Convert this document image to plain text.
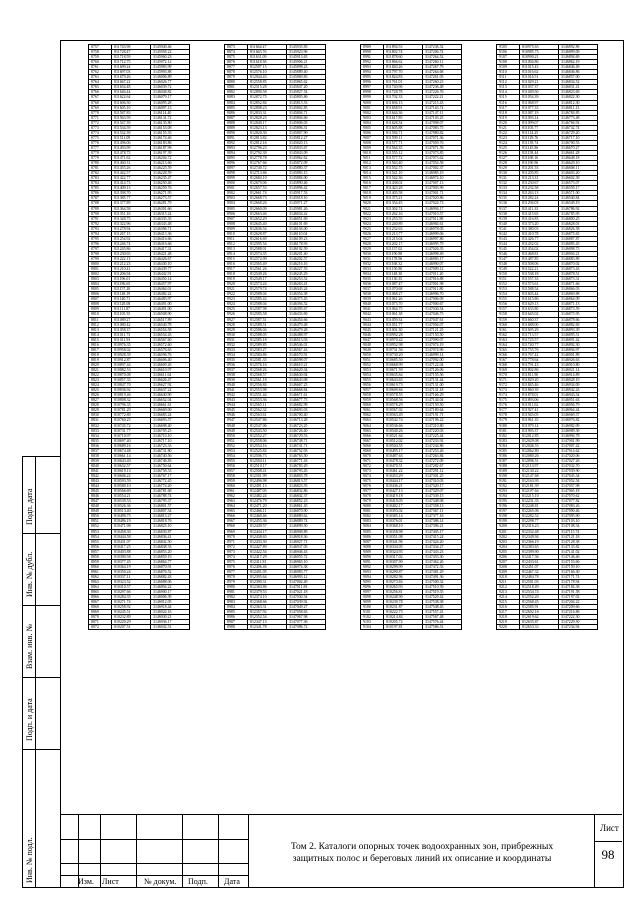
Подп. дата
Инв. № дубл.
Взам. инв. №
Подп. и дата
Инв. № подл.
8757	811743.98	3145940.46
8758	811728.47	3145958.22
8759	811718.59	3145960.23
8760	811712.75	3145972.12
8761	811699.24	3145983.99
8762	811697.03	3145993.88
8763	811679.26	3146006.89
8764	811667.22	3146026.77
8765	811654.48	3146039.72
8766	811646.44	3146048.82
8767	811622.64	3146079.17
8768	811606.50	3146095.28
8769	811605.10	3146097.13
8770	811587.83	3146114.40
8771	811563.59	3146131.72
8772	811547.39	3146135.80
8773	811534.59	3146153.08
8774	811532.39	3146155.35
8775	811511.09	3146174.46
8776	811496.06	3146183.86
8777	811493.99	3146187.99
8778	811478.75	3146197.39
8779	811471.62	3146204.72
8780	811460.31	3146213.66
8781	811455.26	3146225.59
8782	811442.57	3146228.59
8783	811422.77	3146235.47
8784	811414.73	3146250.46
8785	811409.13	3146259.76
8786	811398.70	3146271.95
8787	811385.77	3146273.57
8788	811377.89	3146281.79
8789	811364.58	3146301.66
8790	811351.16	3146315.24
8791	811328.75	3146335.35
8792	811322.96	3146343.48
8793	811278.94	3146396.71
8794	811267.15	3146413.36
8795	811254.92	3146416.66
8796	811246.74	3146416.66
8797	811245.86	3146417.31
8798	811230.65	3146421.48
8799	811222.13	3146426.67
8800	811212.23	3146430.10
8801	811210.41	3146439.77
8802	811206.94	3146442.91
8803	811196.01	3146450.14
8804	811186.65	3146457.97
8805	811157.20	3146464.01
8806	811148.19	3146482.22
8807	811140.71	3146483.97
8808	811128.08	3146491.00
8809	811111.87	3146491.00
8810	811105.55	3146508.90
8811	811089.27	3146517.89
8812	811080.42	3146540.78
8813	811058.37	3146554.58
8814	811011.73	3146554.43
8815	811011.93	3146567.60
8816	810976.35	3146572.60
8817	810958.02	3146576.65
8818	810928.39	3146596.76
8819	810912.87	3146606.40
8820	810897.44	3146609.26
8821	810882.53	3146610.97
8822	810870.08	3146611.64
8823	810857.35	3146626.47
8824	810847.70	3146627.92
8825	810836.92	3146637.22
8826	810819.46	3146640.90
8827	810808.32	3146652.04
8828	810796.35	3146661.61
8829	810781.29	3146669.00
8830	810772.80	3146683.24
8831	810760.25	3146693.57
8832	810745.72	3146698.40
8833	810731.77	3146705.25
8834	810710.97	3146710.10
8835	810697.40	3146717.10
8836	810689.16	3146723.33
8837	810674.48	3146731.80
8838	810661.14	3146740.56
8839	810643.40	3146746.83
8840	810632.57	3146750.64
8841	810619.13	3146758.53
8842	810606.22	3146767.17
8843	810593.59	3146772.45
8844	810580.10	3146774.20
8845	810566.69	3146781.68
8846	810554.21	3146788.74
8847	810539.53	3146795.37
8848	810526.36	3146801.57
8849	810513.40	3146807.54
8850	810499.75	3146813.27
8851	810486.19	3146818.76
8852	810471.98	3146825.10
8853	810458.30	3146830.87
8854	810444.58	3146836.41
8855	810431.07	3146842.50
8856	810417.25	3146848.33
8857	810403.88	3146853.20
8858	810390.58	3146859.19
8859	810377.45	3146864.77
8860	810364.19	3146870.91
8861	810350.24	3146876.52
8862	810337.11	3146882.43
8863	810323.52	3146888.06
8864	810310.57	3146894.22
8865	810297.66	3146900.17
8866	810284.35	3146906.39
8867	810271.74	3146912.05
8868	810258.92	3146918.44
8869	810245.51	3146924.16
8870	810232.89	3146930.21
8871	810220.29	3146936.17
8872	810207.51	3146942.51
8873	811664.47	3145935.83
8874	811663.76	3145923.96
8875	811631.09	3145913.65
8876	811618.38	3145906.21
8877	812597.15	3145898.23
8878	812576.10	3145889.40
8879	812944.43	3145869.83
8880	812558.85	3145865.62
8881	812515.28	3145847.20
8882	812890.58	3145827.54
8883	812872.75	3145805.86
8884	812852.84	3145815.53
8885	812808.23	3145802.85
8886	812833.31	3145804.71
8887	812828.23	3145804.66
8888	812840.17	3145806.03
8889	812823.13	3145806.31
8890	812820.30	3145807.90
8891	812813.82	3145812.27
8892	812812.16	3145820.13
8893	812796.23	3145833.67
8894	812792.39	3145843.09
8895	812778.78	3145862.62
8896	812767.66	3145872.09
8897	812740.72	3145880.37
8898	812713.86	3145883.15
8899	812684.10	3145884.00
8900	812670.06	3145890.46
8901	812657.53	3145896.42
8902	812661.74	3145917.53
8903	812668.73	3145918.10
8904	812668.26	3145971.27
8905	812660.09	3145981.26
8906	812663.46	3146034.42
8907	812652.29	3146051.69
8908	812645.40	3146101.69
8909	812636.54	3146104.00
8910	812628.87	3146110.04
8911	812616.69	3146109.23
8912	812595.54	3146178.93
8913	812588.01	3146192.59
8914	812574.35	3146201.40
8915	812572.09	3146202.57
8916	812565.49	3146216.16
8917	812561.26	3146227.55
8918	812549.26	3146245.29
8919	812549.17	3146253.52
8920	812574.24	3146263.41
8921	812579.74	3146343.24
8922	812588.04	3146354.38
8923	812585.42	3146375.45
8924	812588.04	3146394.52
8925	812587.98	3146395.67
8926	812585.58	3146433.69
8927	812587.51	3146454.66
8928	812589.51	3146470.48
8929	812586.04	3146479.28
8930	812588.05	3146488.97
8931	812585.18	3146513.03
8932	812589.85	3146546.01
8933	812583.27	3146567.43
8934	812584.86	3146570.91
8935	812581.35	3146598.07
8936	812576.16	3146610.21
8937	812568.26	3146620.34
8938	812568.57	3146630.04
8939	812561.18	3146643.08
8940	812556.84	3146667.25
8941	812553.98	3146668.84
8942	812551.44	3146671.61
8943	812553.36	3146677.75
8944	812565.11	3146682.99
8945	812562.32	3146693.03
8946	812563.61	3146700.40
8947	812547.86	3146713.28
8948	812547.06	3146723.25
8949	812543.50	3146726.40
8950	812552.27	3146729.53
8951	812558.06	3146738.71
8952	812554.16	3146741.71
8953	812525.82	3146752.03
8954	812506.73	3146763.50
8955	812504.11	3146771.43
8956	812510.17	3146783.29
8957	812508.41	3146793.45
8958	812501.99	3146803.78
8959	812496.98	3146813.57
8960	812491.13	3146823.55
8961	812487.05	3146832.86
8962	812482.24	3146842.37
8963	812476.79	3146852.23
8964	812471.20	3146861.45
8965	812466.11	3146870.90
8966	812460.46	3146880.62
8967	812455.36	3146889.74
8968	812449.57	3146899.50
8969	812444.17	3146908.89
8970	812438.65	3146918.36
8971	812433.30	3146927.71
8972	812427.89	3146937.05
8973	812422.54	3146946.43
8974	812417.29	3146955.72
8975	812411.81	3146965.10
8976	812406.46	3146974.38
8977	812401.05	3146983.77
8978	812395.64	3146993.12
8979	812390.31	3147002.49
8980	812384.86	3147011.83
8981	812379.53	3147021.18
8982	812374.10	3147030.54
8983	812368.66	3147039.92
8984	812363.31	3147049.27
8985	812357.92	3147058.63
8986	812352.54	3147067.98
8987	812347.13	3147077.36
8988	812341.78	3147086.72
8989	811894.53	3147236.32
8990	811802.74	3147206.74
8991	811878.60	3147264.52
8992	811866.62	3147260.11
8993	811840.26	3147267.79
8994	811797.70	3147264.68
8995	811824.83	3147261.05
8996	811761.01	3147260.23
8997	811740.96	3147236.48
8998	811728.78	3147226.76
8999	811702.33	3147222.21
9000	811694.13	3147215.43
9001	811658.91	3147163.74
9002	811644.36	3147147.11
9003	811617.85	3147103.25
9004	811628.34	3147098.07
9005	811605.88	3147083.75
9006	811584.71	3147080.82
9007	811599.11	3147071.36
9008	811577.71	3147059.76
9009	811564.35	3147071.59
9010	811555.12	3147073.85
9011	811577.72	3147073.62
9012	811563.40	3147054.58
9013	811552.75	3147002.37
9014	811541.10	3146985.19
9015	811542.36	3146974.10
9016	811438.02	3147007.13
9017	811423.28	3147003.99
9018	811405.58	3147001.71
9019	811375.21	3147020.86
9020	811354.45	3147024.73
9021	811302.74	3146994.17
9022	811262.16	3147010.57
9023	811255.55	3147011.88
9024	811240.89	3146984.61
9025	811232.63	3146978.05
9026	811213.77	3146999.06
9027	811215.04	3146997.86
9028	811202.17	3146995.79
9029	811157.02	3147026.35
9030	811190.88	3146998.49
9031	811178.96	3146983.17
9032	811168.32	3146990.07
9033	811150.80	3147009.12
9034	811148.30	3147011.20
9035	811130.35	3147016.88
9036	811087.47	3147001.98
9037	811070.68	3147011.80
9038	811068.27	3146996.70
9039	811061.26	3147006.09
9040	811073.70	3147000.67
9041	811064.75	3147030.54
9042	811061.38	3147046.75
9043	811059.34	3147047.61
9044	811051.77	3147056.07
9045	811001.30	3147121.25
9046	810992.28	3147150.50
9047	810970.42	3147090.07
9048	810952.98	3147074.19
9049	810731.56	3147074.96
9050	810730.20	3146999.14
9051	810685.50	3147092.00
9052	810668.99	3147122.04
9053	810671.59	3147126.06
9054	810635.64	3147155.56
9055	810643.65	3147131.44
9056	810619.73	3147131.00
9057	810609.84	3147131.18
9058	810578.55	3147166.29
9059	810568.56	3147144.04
9060	810576.29	3147159.50
9061	810567.02	3147180.64
9062	810563.49	3147191.71
9063	810542.74	3147196.22
9064	810536.66	3147210.80
9065	810540.26	3147220.03
9066	810521.64	3147225.44
9067	810512.02	3147233.92
9068	810504.55	3147244.86
9069	810495.17	3147253.26
9070	810487.63	3147263.84
9071	810478.32	3147272.09
9072	810470.51	3147282.67
9073	810461.22	3147291.12
9074	810453.29	3147301.25
9075	810444.17	3147310.03
9076	810436.21	3147320.17
9077	810427.13	3147329.07
9078	810419.18	3147339.15
9079	810410.05	3147348.08
9080	810402.17	3147358.13
9081	810393.02	3147367.11
9082	810385.14	3147377.16
9083	810376.01	3147386.14
9084	810368.10	3147396.21
9085	810358.98	3147405.17
9086	810351.08	3147415.24
9087	810341.96	3147424.20
9088	810334.05	3147434.27
9089	810324.93	3147443.23
9090	810317.02	3147453.30
9091	810307.90	3147462.26
9092	810299.99	3147472.33
9093	810290.87	3147481.29
9094	810282.96	3147491.36
9095	810273.84	3147500.32
9096	810265.93	3147510.39
9097	810256.81	3147519.35
9098	810248.90	3147529.42
9099	810239.78	3147538.38
9100	810231.87	3147548.45
9101	810222.75	3147557.41
9102	810214.84	3147567.48
9103	810205.72	3147576.44
9104	810197.81	3147586.51
9105	810975.65	3146892.89
9106	810985.75	3146899.09
9107	810990.21	3146894.69
9108	811004.86	3146862.19
9109	811015.43	3146846.49
9110	811016.62	3146846.86
9111	811016.51	3146857.00
9112	811029.21	3146834.52
9113	811037.37	3146831.41
9114	811049.50	3146823.69
9115	811054.39	3146822.30
9116	811068.97	3146812.30
9117	811077.33	3146811.13
9118	811087.19	3146784.85
9119	811093.14	3146773.48
9120	811099.07	3146766.92
9121	811105.77	3146742.74
9122	811114.25	3146729.20
9123	811129.76	3146717.10
9124	811139.74	3146700.53
9125	811145.86	3146670.27
9126	811158.44	3146661.28
9127	811168.16	3146648.18
9128	811190.96	3146629.10
9129	811201.53	3146608.11
9130	811205.85	3146603.20
9131	811213.31	3146602.39
9132	811230.67	3146573.07
9133	811232.58	3146559.17
9134	811263.13	3146571.00
9135	811282.24	3146540.84
9136	811294.03	3146549.19
9137	811411.33	3146786.92
9138	811415.65	3146785.95
9139	811416.83	3146800.25
9140	811373.20	3146828.01
9141	811380.03	3146826.58
9142	811410.78	3146875.65
9143	811426.77	3146887.87
9144	811432.02	3146885.45
9145	811454.02	3146898.75
9146	811468.81	3146904.21
9147	811487.85	3146883.89
9148	811508.06	3146870.02
9149	811522.21	3146873.43
9150	811538.18	3146878.51
9151	811557.33	3146873.31
9152	811573.61	3146871.66
9153	811588.54	3146866.03
9154	811603.44	3146869.88
9155	811615.86	3146864.09
9156	811629.13	3146871.13
9157	811633.80	3146873.59
9158	811645.02	3146875.95
9159	811660.37	3146878.66
9160	811688.00	3146882.69
9161	811695.29	3146893.39
9162	811713.57	3146895.51
9163	811725.57	3146891.42
9164	811740.77	3146892.30
9165	811755.76	3146894.97
9166	811767.42	3146901.89
9167	811778.64	3146926.63
9168	811791.43	3146910.80
9169	811802.86	3146921.14
9170	811811.90	3146914.89
9171	811829.20	3146928.19
9172	811845.46	3146934.09
9173	811860.39	3146942.43
9174	811878.01	3146943.54
9175	811893.06	3146951.63
9176	811911.02	3146956.79
9177	811927.41	3146964.44
9178	811945.05	3146969.37
9179	811961.35	3146976.82
9180	811979.14	3146982.09
9181	811995.37	3146989.39
9182	812012.85	3146994.78
9183	812029.08	3147001.99
9184	812046.55	3147007.42
9185	812062.80	3147014.62
9186	812080.26	3147020.06
9187	812096.51	3147027.26
9188	812113.97	3147032.70
9189	812130.22	3147039.90
9190	812147.68	3147045.34
9191	812163.93	3147052.54
9192	812181.39	3147057.98
9193	812197.64	3147065.18
9194	812215.10	3147070.62
9195	812231.35	3147077.82
9196	812248.81	3147083.26
9197	812265.06	3147090.46
9198	812282.52	3147095.90
9199	812298.77	3147103.10
9200	812316.23	3147108.54
9201	812332.48	3147115.74
9202	812349.94	3147121.18
9203	812366.19	3147128.38
9204	812383.65	3147133.82
9205	812399.90	3147141.02
9206	812417.36	3147146.46
9207	812433.61	3147153.66
9208	812451.07	3147159.10
9209	812467.32	3147166.30
9210	812484.78	3147171.74
9211	812501.03	3147178.94
9212	812518.49	3147184.38
9213	812534.74	3147191.58
9214	812552.20	3147197.02
9215	812568.45	3147204.22
9216	812585.91	3147209.66
9217	812602.16	3147216.86
9218	812619.62	3147222.30
9219	812635.87	3147229.50
9220	812653.33	3147234.94
Изм. Лист	№ докум. Подп. Дата
Том 2. Каталоги опорных точек водоохранных зон, прибрежных
защитных полос и береговых линий их описание и координаты
Лист
98
